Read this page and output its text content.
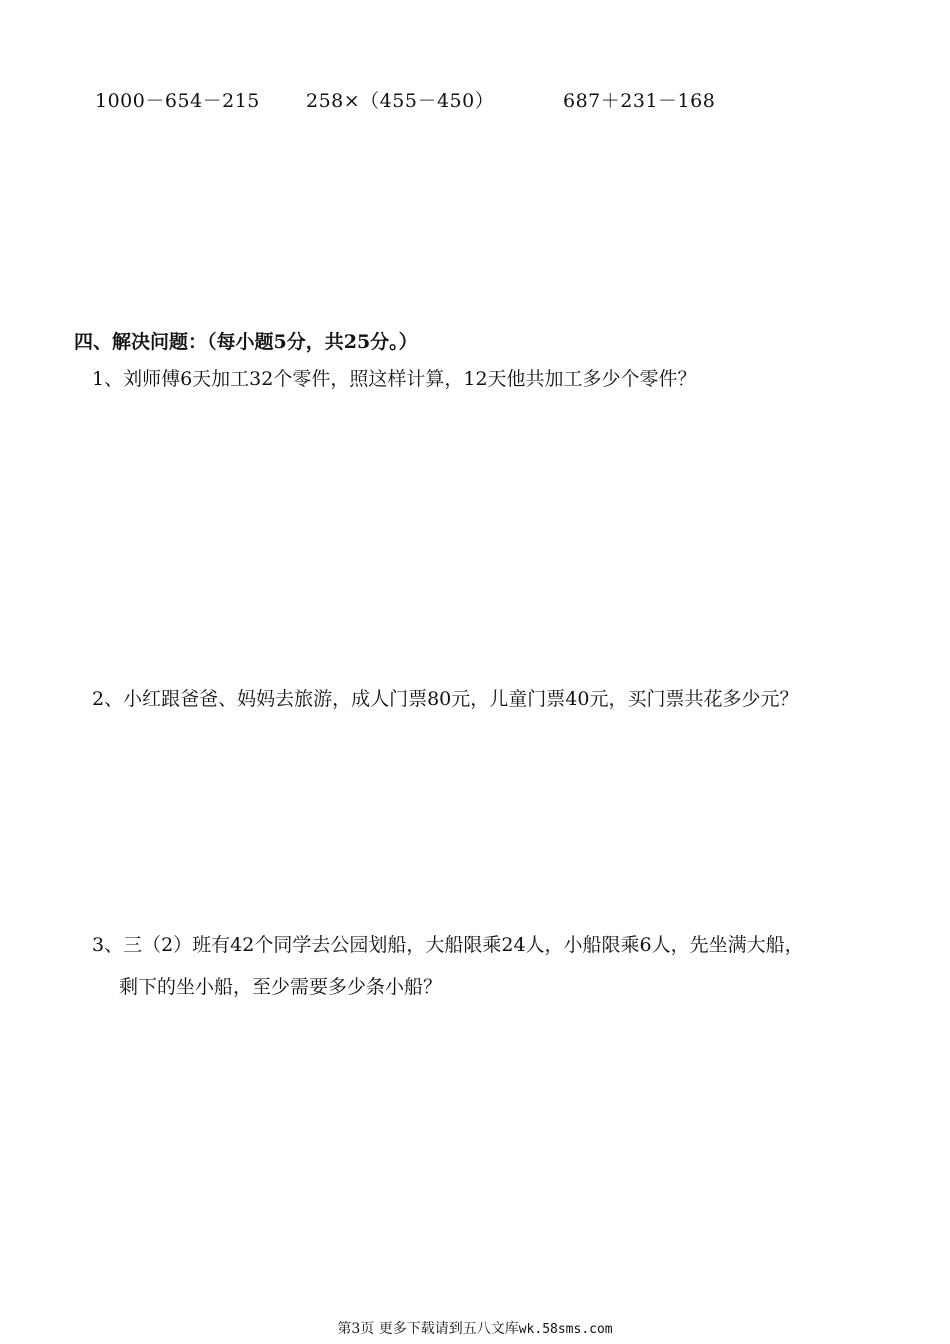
1000－654－215 258×（455－450）	687＋231－168
四、解决问题：（每小题5分，共25分。）
1、刘师傅6天加工32个零件，照这样计算，12天他共加工多少个零件？
2、小红跟爸爸、妈妈去旅游，成人门票80元，儿童门票40元，买门票共花多少元？
3、三（2）班有42个同学去公园划船，大船限乘24人，小船限乘6人，先坐满大船，
剩下的坐小船，至少需要多少条小船？
第3页 更多下载请到五八文库wk.58sms.com
